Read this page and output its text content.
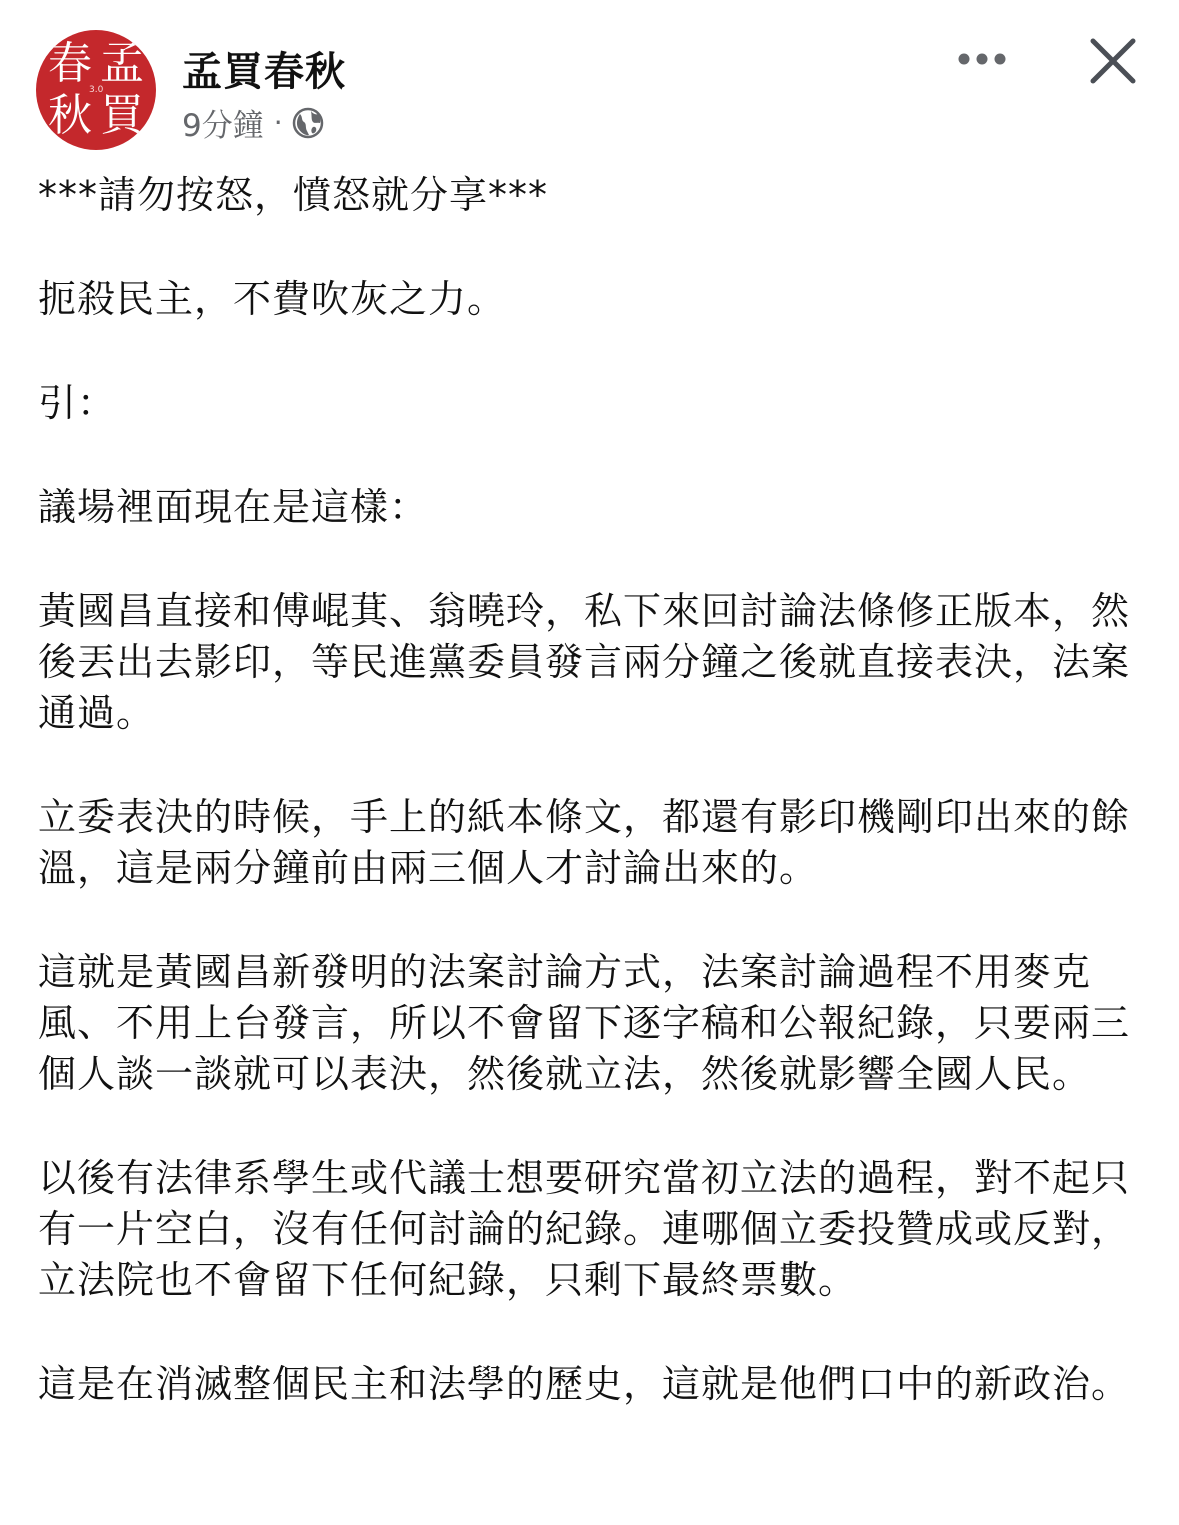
春 孟
秋 買
3.0 孟買春秋
9分鐘 ·

***請勿按怒，憤怒就分享***

扼殺民主，不費吹灰之力。

引：

議場裡面現在是這樣：

黃國昌直接和傅崐萁、翁曉玲，私下來回討論法條修正版本，然後丟出去影印，等民進黨委員發言兩分鐘之後就直接表決，法案通過。

立委表決的時候，手上的紙本條文，都還有影印機剛印出來的餘溫，這是兩分鐘前由兩三個人才討論出來的。

這就是黃國昌新發明的法案討論方式，法案討論過程不用麥克風、不用上台發言，所以不會留下逐字稿和公報紀錄，只要兩三個人談一談就可以表決，然後就立法，然後就影響全國人民。

以後有法律系學生或代議士想要研究當初立法的過程，對不起只有一片空白，沒有任何討論的紀錄。連哪個立委投贊成或反對，立法院也不會留下任何紀錄，只剩下最終票數。

這是在消滅整個民主和法學的歷史，這就是他們口中的新政治。
